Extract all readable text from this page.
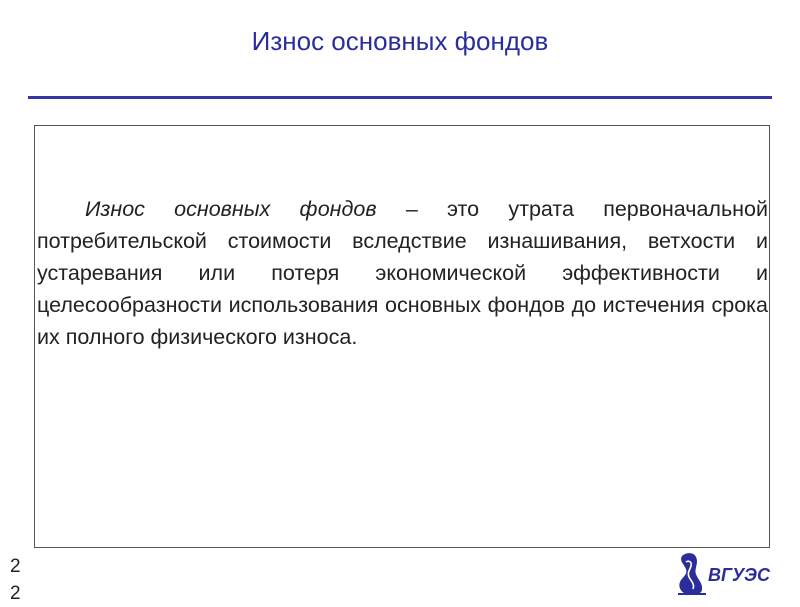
Износ основных фондов

Износ основных фондов – это утрата первоначальной потребительской стоимости вследствие изнашивания, ветхости и устаревания или потеря экономической эффективности и целесообразности использования основных фондов до истечения срока их полного физического износа.

2
2
ВГУЭС
